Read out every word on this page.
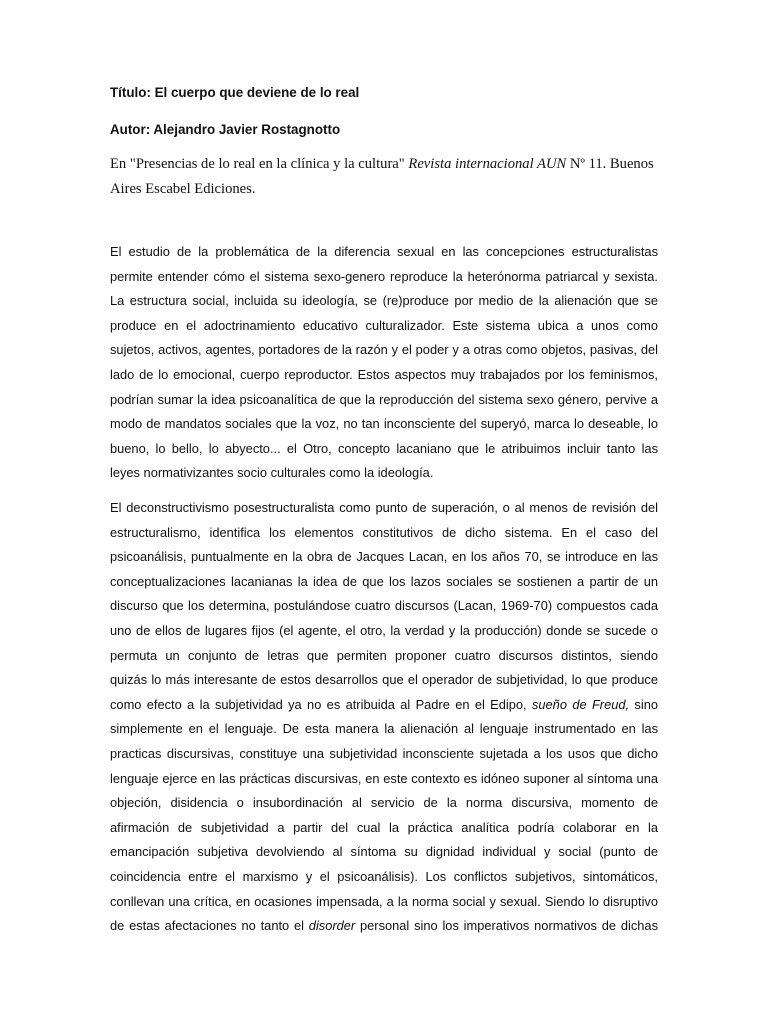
Título: El cuerpo que deviene de lo real
Autor: Alejandro Javier Rostagnotto
En "Presencias de lo real en la clínica y la cultura" Revista internacional AUN Nº 11. Buenos
Aires Escabel Ediciones.
El estudio de la problemática de la diferencia sexual en las concepciones estructuralistas
permite entender cómo el sistema sexo-genero reproduce la heterónorma patriarcal y sexista.
La estructura social, incluida su ideología, se (re)produce por medio de la alienación que se
produce en el adoctrinamiento educativo culturalizador. Este sistema ubica a unos como
sujetos, activos, agentes, portadores de la razón y el poder y a otras como objetos, pasivas, del
lado de lo emocional, cuerpo reproductor. Estos aspectos muy trabajados por los feminismos,
podrían sumar la idea psicoanalítica de que la reproducción del sistema sexo género, pervive a
modo de mandatos sociales que la voz, no tan inconsciente del superyó, marca lo deseable, lo
bueno, lo bello, lo abyecto... el Otro, concepto lacaniano que le atribuimos incluir tanto las
leyes normativizantes socio culturales como la ideología.
El deconstructivismo posestructuralista como punto de superación, o al menos de revisión del
estructuralismo, identifica los elementos constitutivos de dicho sistema. En el caso del
psicoanálisis, puntualmente en la obra de Jacques Lacan, en los años 70, se introduce en las
conceptualizaciones lacanianas la idea de que los lazos sociales se sostienen a partir de un
discurso que los determina, postulándose cuatro discursos (Lacan, 1969-70) compuestos cada
uno de ellos de lugares fijos (el agente, el otro, la verdad y la producción) donde se sucede o
permuta un conjunto de letras que permiten proponer cuatro discursos distintos, siendo
quizás lo más interesante de estos desarrollos que el operador de subjetividad, lo que produce
como efecto a la subjetividad ya no es atribuida al Padre en el Edipo, sueño de Freud, sino
simplemente en el lenguaje. De esta manera la alienación al lenguaje instrumentado en las
practicas discursivas, constituye una subjetividad inconsciente sujetada a los usos que dicho
lenguaje ejerce en las prácticas discursivas, en este contexto es idóneo suponer al síntoma una
objeción, disidencia o insubordinación al servicio de la norma discursiva, momento de
afirmación de subjetividad a partir del cual la práctica analítica podría colaborar en la
emancipación subjetiva devolviendo al síntoma su dignidad individual y social (punto de
coincidencia entre el marxismo y el psicoanálisis). Los conflictos subjetivos, sintomáticos,
conllevan una crítica, en ocasiones impensada, a la norma social y sexual. Siendo lo disruptivo
de estas afectaciones no tanto el disorder personal sino los imperativos normativos de dichas
